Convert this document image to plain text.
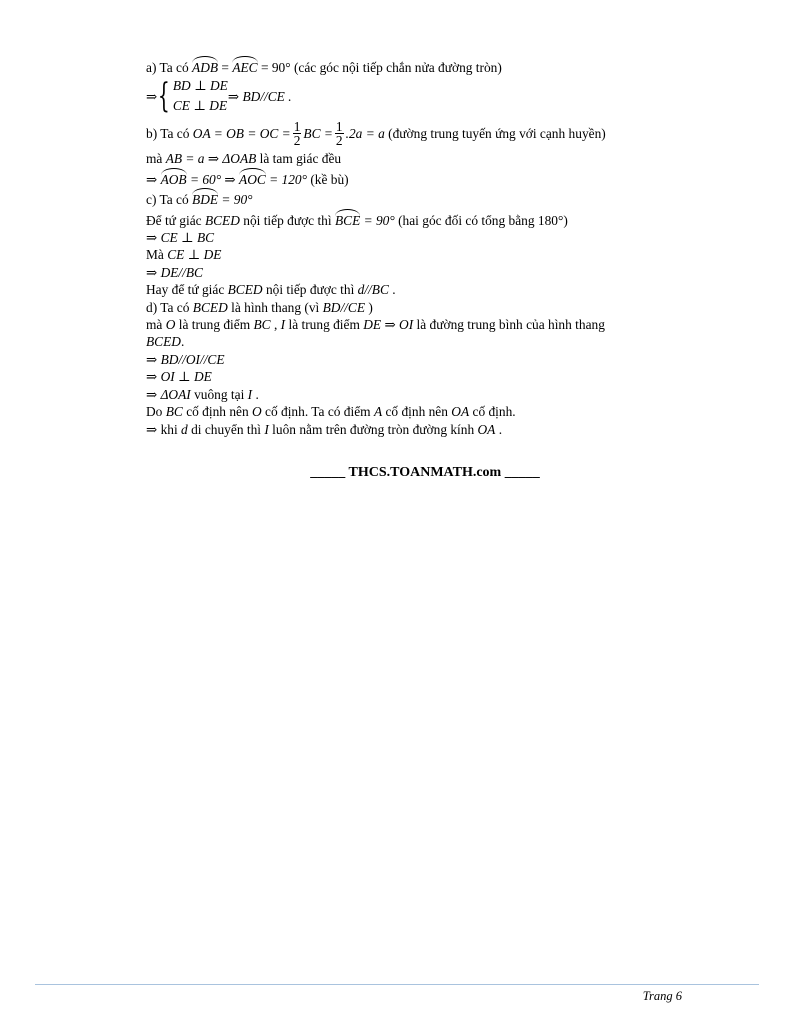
a) Ta có ADB = AEC = 90° (các góc nội tiếp chắn nửa đường tròn)
⇒ { BD ⊥ DE
CE ⊥ DE
⇒ BD//CE .
b) Ta có
OA = OB = OC = $\frac{1}{2}$ BC = $\frac{1}{2} .2a = a$
(đường trung tuyến ứng với cạnh huyền)
mà AB = a ⇒ ΔOAB là tam giác đều
⇒ AOB = 60° ⇒ AOC = 120° (kề bù)
c) Ta có BDE = 90°
Để tứ giác BCED nội tiếp được thì BCE = 90° (hai góc đối có tổng bằng 180°)
⇒ CE ⊥ BC
Mà CE ⊥ DE
⇒ DE//BC
Hay để tứ giác BCED nội tiếp được thì d//BC .
d) Ta có BCED là hình thang (vì BD//CE )
mà O là trung điểm BC , I là trung điểm DE ⇒ OI là đường trung bình của hình thang
BCED.
⇒ BD//OI//CE
⇒ OI ⊥ DE
⇒ ΔOAI vuông tại I .
Do BC cố định nên O cố định. Ta có điểm A cố định nên OA cố định.
⇒ khi d di chuyển thì I luôn nằm trên đường tròn đường kính OA .
_____ THCS.TOANMATH.com _____
Trang 6
